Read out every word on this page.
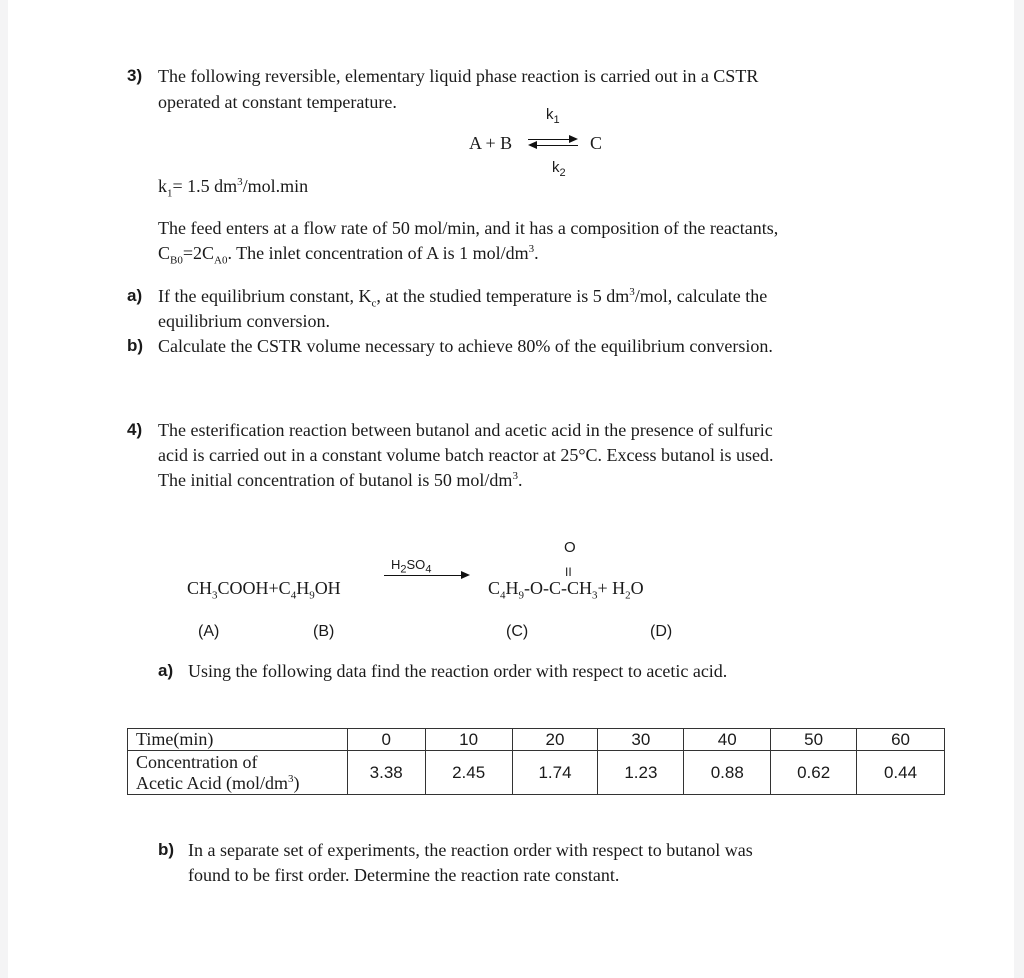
3) The following reversible, elementary liquid phase reaction is carried out in a CSTR
operated at constant temperature.
$k_1$
A + B	C
$k_2$
$k_1= 1.5$ $dm^3/mol.\min$
The feed enters at a flow rate of 50 mol/min, and it has a composition of the reactants,
$C_{B0}=2C_{A0}$. The inlet concentration of A is 1 mol/$dm^3$.
a) If the equilibrium constant, $K_c$, at the studied temperature is 5 $dm^3$/mol, calculate the
equilibrium conversion.
b) Calculate the CSTR volume necessary to achieve 80% of the equilibrium conversion.
4) The esterification reaction between butanol and acetic acid in the presence of sulfuric
acid is carried out in a constant volume batch reactor at 25°C. Excess butanol is used.
The initial concentration of butanol is 50 mol/$dm^3$.
O
$H_2SO_4$	II
$CH_3COOH+C_4H_9OH$	$C_4H_9-O-C-CH_3+ H_2O$
(A)	(B)	(C)	(D)
a) Using the following data find the reaction order with respect to acetic acid.
Time(min)	0	10	20	30	40	50	60
Concentration of
Acetic Acid $(mol/dm^3)$	3.38	2.45	1.74	1.23	0.88	0.62	0.44
b) In a separate set of experiments, the reaction order with respect to butanol was
found to be first order. Determine the reaction rate constant.
